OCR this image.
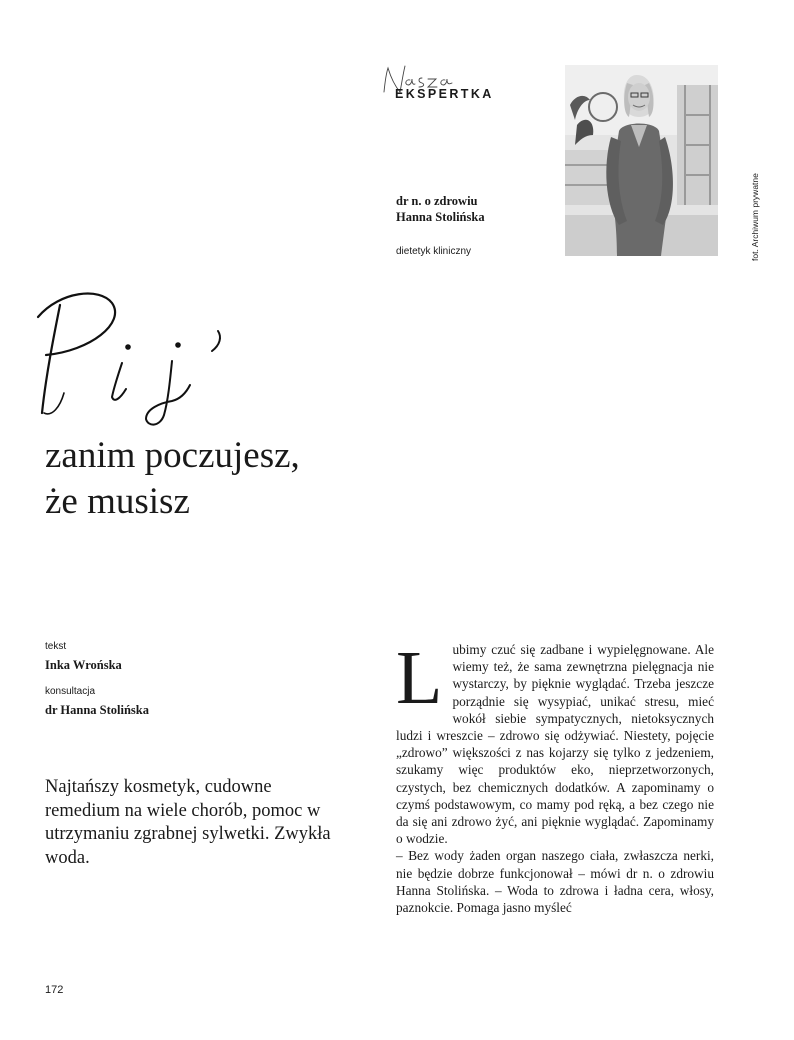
EKSPERTKA
dr n. o zdrowiu
Hanna Stolińska
dietetyk kliniczny	fot. Archiwum prywatne
zanim poczujesz,
że musisz
tekst
Inka Wrońska
konsultacja
dr Hanna Stolińska
Najtańszy kosmetyk, cudowne remedium na wiele chorób, pomoc w utrzymaniu zgrabnej sylwetki. Zwykła woda.
L ubimy czuć się zadbane i wypielęgnowane. Ale wiemy też, że sama zewnętrzna pielęgnacja nie wystarczy, by pięknie wyglądać. Trzeba jeszcze porządnie się wysypiać, unikać stresu, mieć wokół siebie sympatycznych, nietoksycznych ludzi i wreszcie – zdrowo się odżywiać. Niestety, pojęcie „zdrowo” większości z nas kojarzy się tylko z jedzeniem, szukamy więc produktów eko, nieprzetworzonych, czystych, bez chemicznych dodatków. A zapominamy o czymś podstawowym, co mamy pod ręką, a bez czego nie da się ani zdrowo żyć, ani pięknie wyglądać. Zapominamy o wodzie.

– Bez wody żaden organ naszego ciała, zwłaszcza nerki, nie będzie dobrze funkcjonował – mówi dr n. o zdrowiu Hanna Stolińska. – Woda to zdrowa i ładna cera, włosy, paznokcie. Pomaga jasno myśleć

172
